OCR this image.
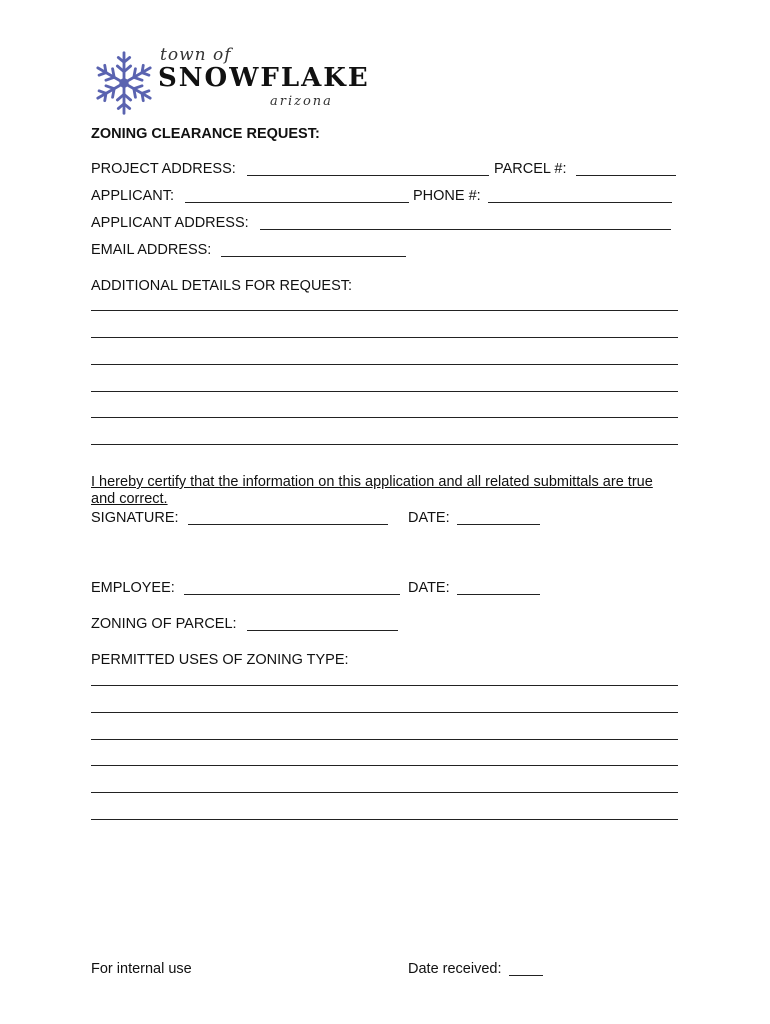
town of
SNOWFLAKE
arizona
ZONING CLEARANCE REQUEST:
PROJECT ADDRESS:	PARCEL #:
APPLICANT:	PHONE #:
APPLICANT ADDRESS:
EMAIL ADDRESS:
ADDITIONAL DETAILS FOR REQUEST:
I hereby certify that the information on this application and all related submittals are true
and correct.
SIGNATURE:	DATE:
EMPLOYEE:	DATE:
ZONING OF PARCEL:
PERMITTED USES OF ZONING TYPE:
For internal use	Date received:
